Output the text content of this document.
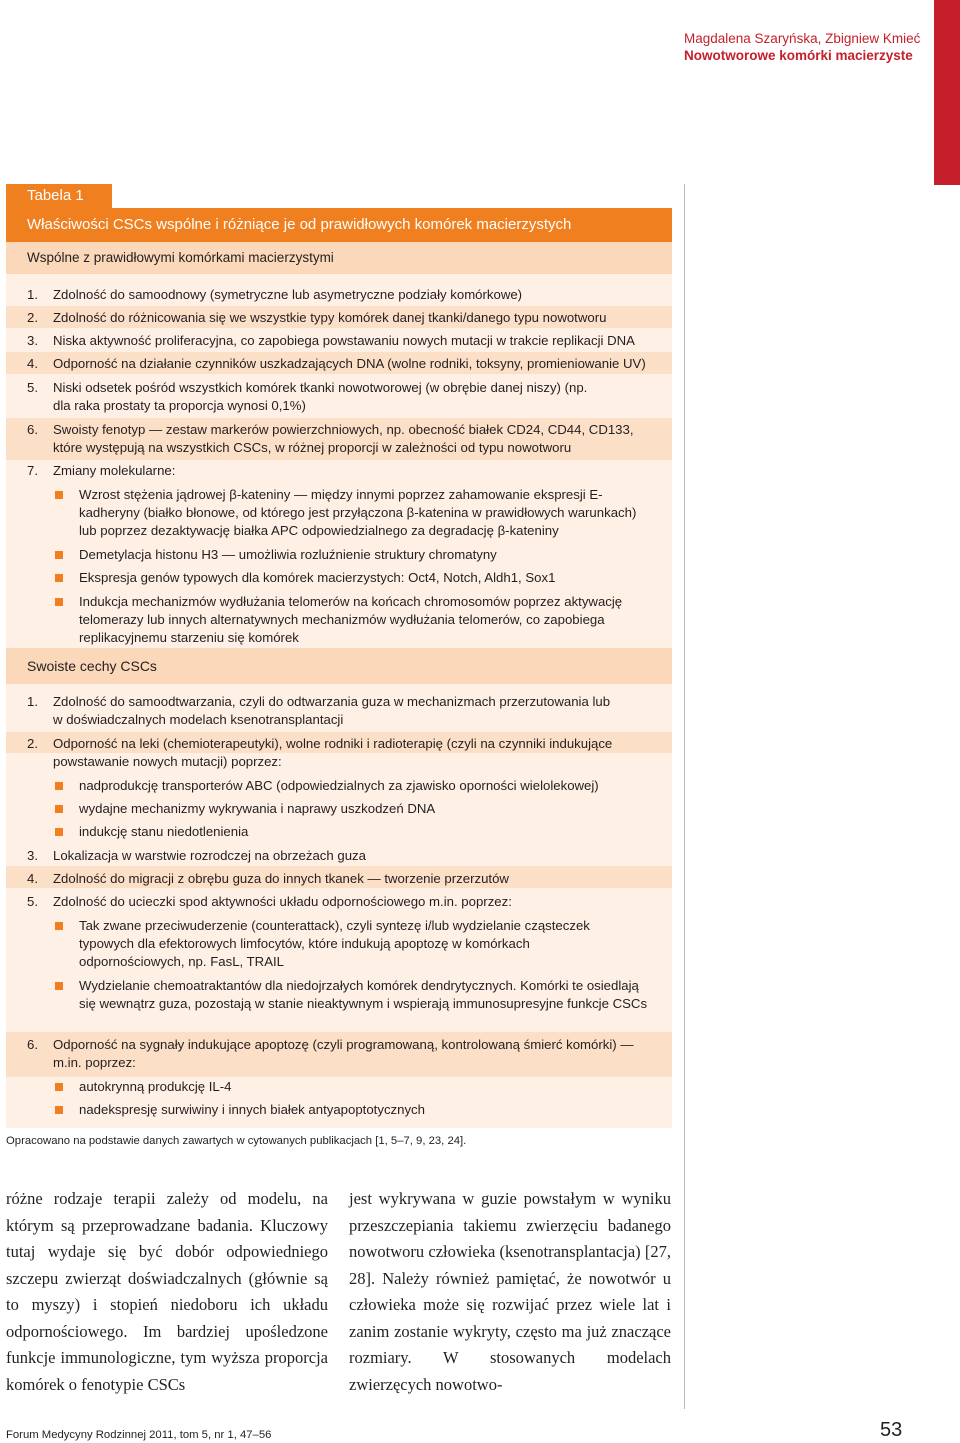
Magdalena Szaryńska, Zbigniew Kmieć
Nowotworowe komórki macierzyste
Tabela 1
Właściwości CSCs wspólne i różniące je od prawidłowych komórek macierzystych
Wspólne z prawidłowymi komórkami macierzystymi
1. Zdolność do samoodnowy (symetryczne lub asymetryczne podziały komórkowe)
2. Zdolność do różnicowania się we wszystkie typy komórek danej tkanki/danego typu nowotworu
3. Niska aktywność proliferacyjna, co zapobiega powstawaniu nowych mutacji w trakcie replikacji DNA
4. Odporność na działanie czynników uszkadzających DNA (wolne rodniki, toksyny, promieniowanie UV)
5. Niski odsetek pośród wszystkich komórek tkanki nowotworowej (w obrębie danej niszy) (np. dla raka prostaty ta proporcja wynosi 0,1%)
6. Swoisty fenotyp — zestaw markerów powierzchniowych, np. obecność białek CD24, CD44, CD133, które występują na wszystkich CSCs, w różnej proporcji w zależności od typu nowotworu
7. Zmiany molekularne:
Wzrost stężenia jądrowej β-kateniny — między innymi poprzez zahamowanie ekspresji E-kadheryny (białko błonowe, od którego jest przyłączona β-katenina w prawidłowych warunkach) lub poprzez dezaktywację białka APC odpowiedzialnego za degradację β-kateniny
Demetylacja histonu H3 — umożliwia rozluźnienie struktury chromatyny
Ekspresja genów typowych dla komórek macierzystych: Oct4, Notch, Aldh1, Sox1
Indukcja mechanizmów wydłużania telomerów na końcach chromosomów poprzez aktywację telomerazy lub innych alternatywnych mechanizmów wydłużania telomerów, co zapobiega replikacyjnemu starzeniu się komórek
Swoiste cechy CSCs
1. Zdolność do samoodtwarzania, czyli do odtwarzania guza w mechanizmach przerzutowania lub w doświadczalnych modelach ksenotransplantacji
2. Odporność na leki (chemioterapeutyki), wolne rodniki i radioterapię (czyli na czynniki indukujące powstawanie nowych mutacji) poprzez:
nadprodukcję transporterów ABC (odpowiedzialnych za zjawisko oporności wielolekowej)
wydajne mechanizmy wykrywania i naprawy uszkodzeń DNA
indukcję stanu niedotlenienia
3. Lokalizacja w warstwie rozrodczej na obrzeżach guza
4. Zdolność do migracji z obrębu guza do innych tkanek — tworzenie przerzutów
5. Zdolność do ucieczki spod aktywności układu odpornościowego m.in. poprzez:
Tak zwane przeciwuderzenie (counterattack), czyli syntezę i/lub wydzielanie cząsteczek typowych dla efektorowych limfocytów, które indukują apoptozę w komórkach odpornościowych, np. FasL, TRAIL
Wydzielanie chemoatraktantów dla niedojrzałych komórek dendrytycznych. Komórki te osiedlają się wewnątrz guza, pozostają w stanie nieaktywnym i wspierają immunosupresyjne funkcje CSCs
6. Odporność na sygnały indukujące apoptozę (czyli programowaną, kontrolowaną śmierć komórki) — m.in. poprzez:
autokrynną produkcję IL-4
nadekspresję surwiwiny i innych białek antyapoptotycznych
Opracowano na podstawie danych zawartych w cytowanych publikacjach [1, 5–7, 9, 23, 24].
różne rodzaje terapii zależy od modelu, na którym są przeprowadzane badania. Kluczowy tutaj wydaje się być dobór odpowiedniego szczepu zwierząt doświadczalnych (głównie są to myszy) i stopień niedoboru ich układu odpornościowego. Im bardziej upośledzone funkcje immunologiczne, tym wyższa proporcja komórek o fenotypie CSCs
jest wykrywana w guzie powstałym w wyniku przeszczepiania takiemu zwierzęciu badanego nowotworu człowieka (ksenotransplantacja) [27, 28]. Należy również pamiętać, że nowotwór u człowieka może się rozwijać przez wiele lat i zanim zostanie wykryty, często ma już znaczące rozmiary. W stosowanych modelach zwierzęcych nowotwo-
Forum Medycyny Rodzinnej 2011, tom 5, nr 1, 47–56	53
